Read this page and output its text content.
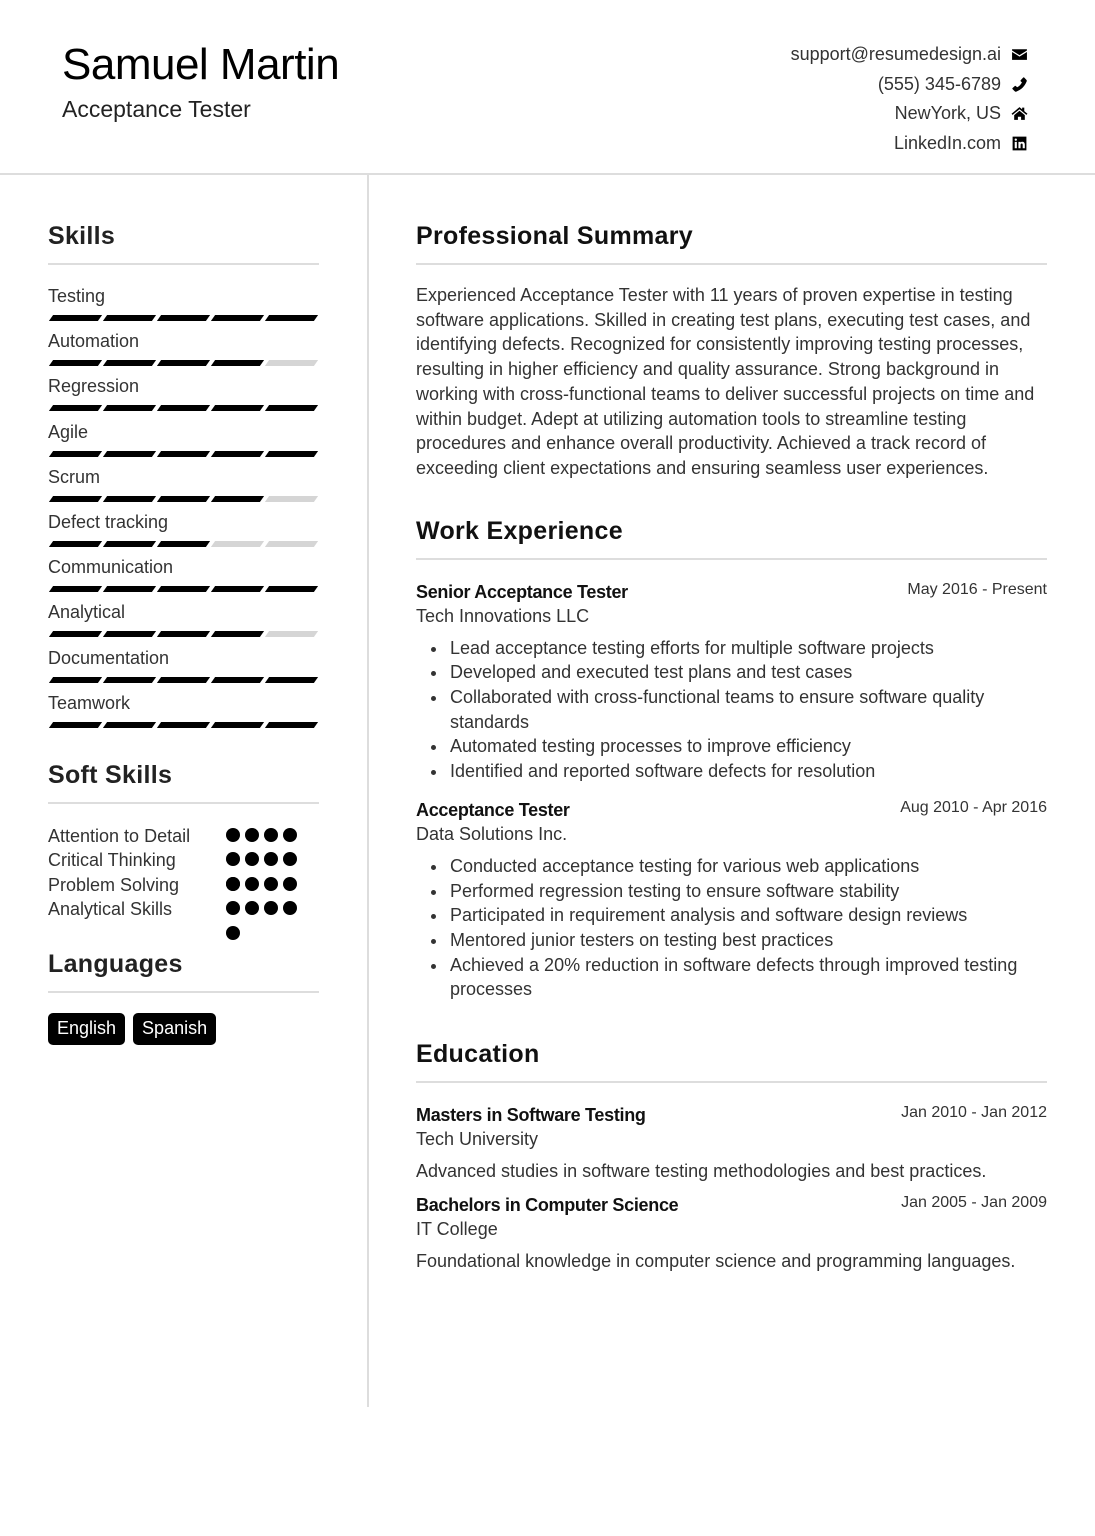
Samuel Martin
Acceptance Tester
support@resumedesign.ai
(555) 345-6789
NewYork, US
LinkedIn.com
Skills
Testing
Automation
Regression
Agile
Scrum
Defect tracking
Communication
Analytical
Documentation
Teamwork
Soft Skills
Attention to Detail
Critical Thinking
Problem Solving
Analytical Skills
Languages
English	Spanish
Professional Summary

Experienced Acceptance Tester with 11 years of proven expertise in testing software applications. Skilled in creating test plans, executing test cases, and identifying defects. Recognized for consistently improving testing processes, resulting in higher efficiency and quality assurance. Strong background in working with cross-functional teams to deliver successful projects on time and within budget. Adept at utilizing automation tools to streamline testing procedures and enhance overall productivity. Achieved a track record of exceeding client expectations and ensuring seamless user experiences.

Work Experience
Senior Acceptance Tester	May 2016 - Present
Tech Innovations LLC
Lead acceptance testing efforts for multiple software projects
Developed and executed test plans and test cases
Collaborated with cross-functional teams to ensure software quality standards
Automated testing processes to improve efficiency
Identified and reported software defects for resolution
Acceptance Tester	Aug 2010 - Apr 2016
Data Solutions Inc.
Conducted acceptance testing for various web applications
Performed regression testing to ensure software stability
Participated in requirement analysis and software design reviews
Mentored junior testers on testing best practices
Achieved a 20% reduction in software defects through improved testing processes
Education
Masters in Software Testing	Jan 2010 - Jan 2012
Tech University

Advanced studies in software testing methodologies and best practices.

Bachelors in Computer Science	Jan 2005 - Jan 2009
IT College

Foundational knowledge in computer science and programming languages.
